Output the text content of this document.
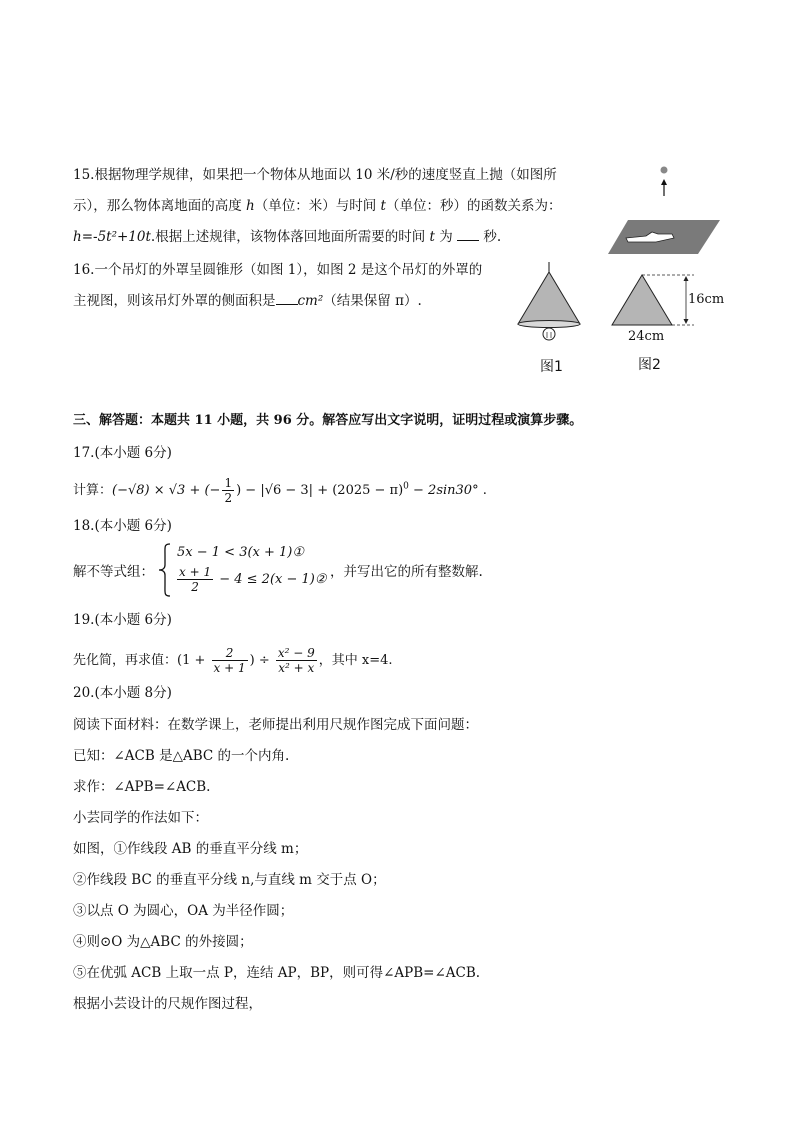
15.根据物理学规律，如果把一个物体从地面以 10 米/秒的速度竖直上抛（如图所
示），那么物体离地面的高度 h（单位：米）与时间 t（单位：秒）的函数关系为：
h=-5t²+10t.根据上述规律，该物体落回地面所需要的时间 t 为  秒.
16.一个吊灯的外罩呈圆锥形（如图 1），如图 2 是这个吊灯的外罩的
主视图，则该吊灯外罩的侧面积是 cm²（结果保留 π）.
图1
16cm
24cm
图2
三、解答题：本题共 11 小题，共 96 分。解答应写出文字说明，证明过程或演算步骤。
17.(本小题 6分)
计算：(−√8) × √3 + (− $\frac{1}{2}$ ) − $|√6 - 3| + (2025 - \pi)^0 - 2\sin 30^\circ$ .
18.(本小题 6分)
解不等式组：
5x − 1 < 3(x + 1)①
$\frac{x + 1}{2} - 4 \le 2(x$ − 1)② ，并写出它的所有整数解.
19.(本小题 6分)
先化简，再求值：($1 + \frac{2}{x + 1}$ ) ÷ $\frac{\text{x² − 9}}{\text{x² + x}}$ ，其中 x=4.
20.(本小题 8分)
阅读下面材料：在数学课上，老师提出利用尺规作图完成下面问题：
已知：∠ACB 是△ABC 的一个内角.
求作：∠APB=∠ACB.
小芸同学的作法如下：
如图，①作线段 AB 的垂直平分线 m；
②作线段 BC 的垂直平分线 n,与直线 m 交于点 O；
③以点 O 为圆心，OA 为半径作圆；
④则⊙O 为△ABC 的外接圆；
⑤在优弧 ACB 上取一点 P，连结 AP，BP，则可得∠APB=∠ACB.
根据小芸设计的尺规作图过程，
